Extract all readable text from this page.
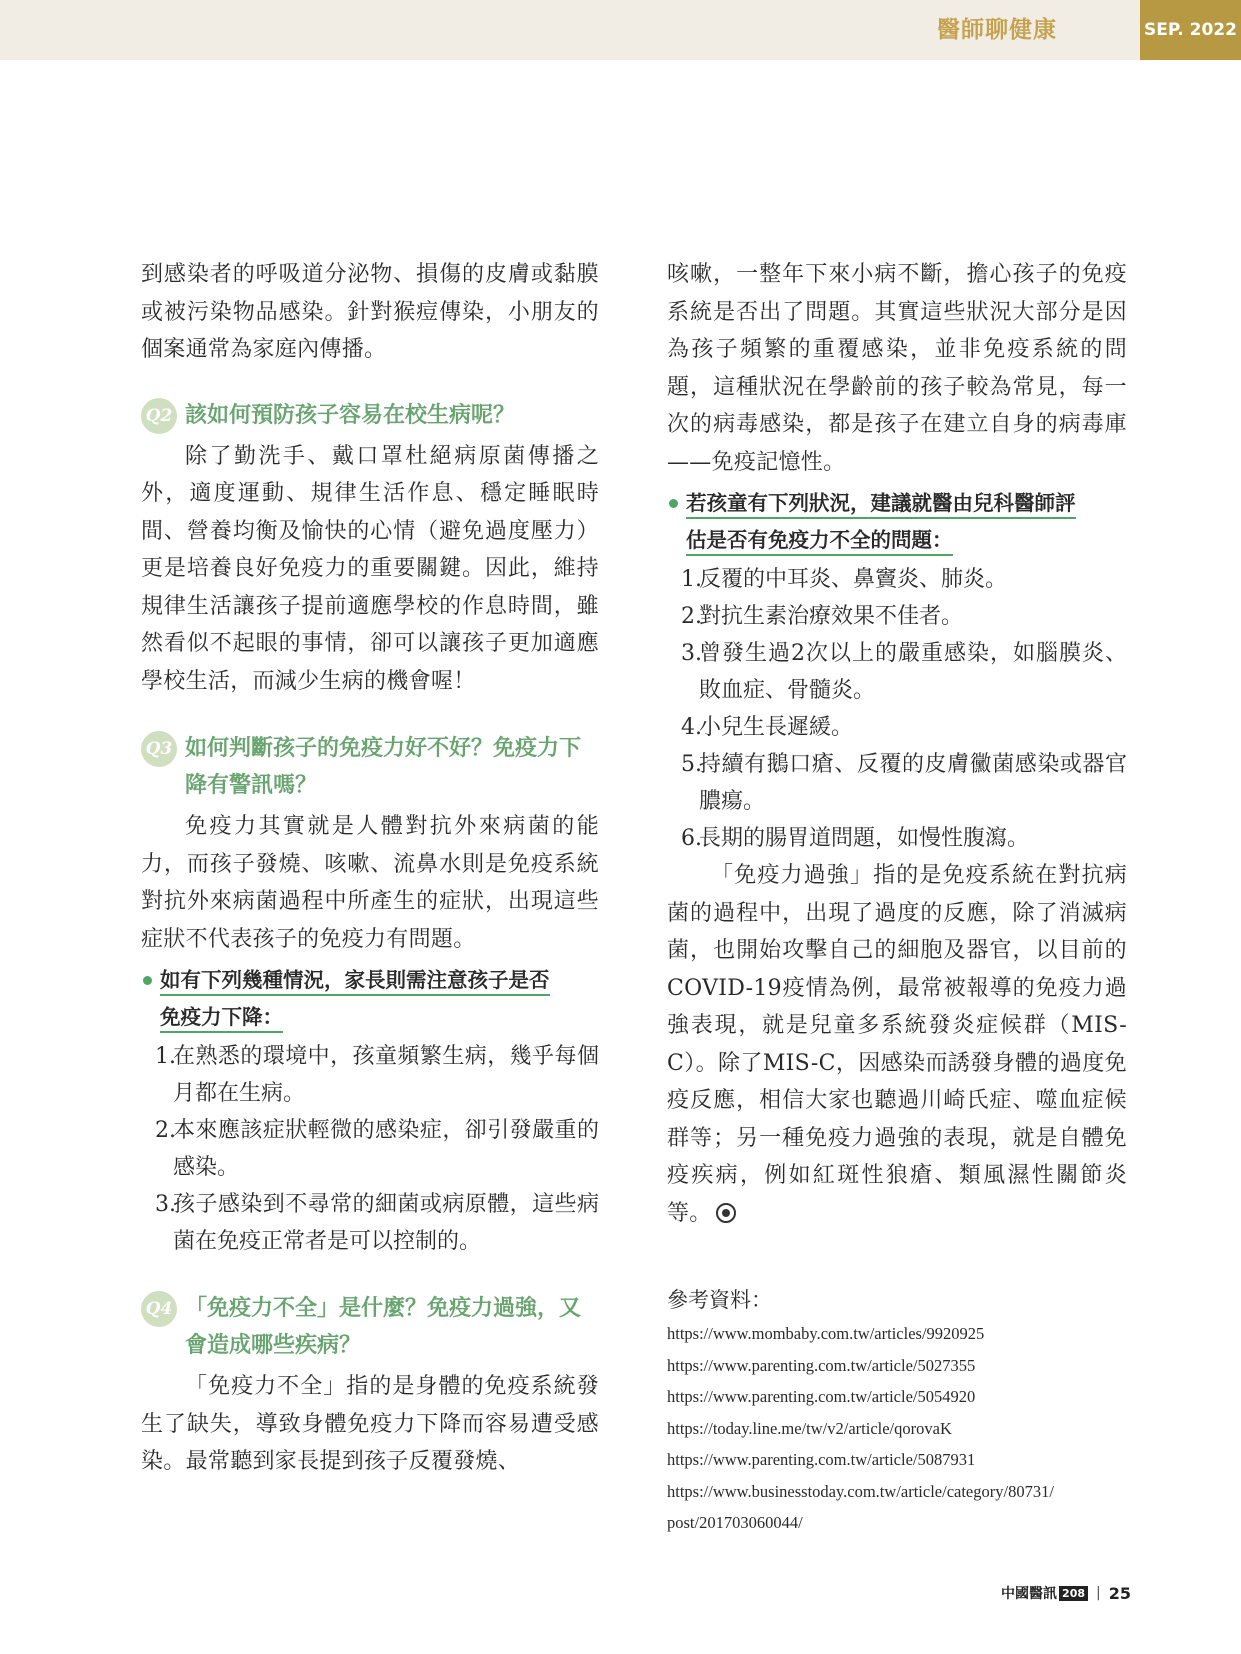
醫師聊健康	SEP. 2022

到感染者的呼吸道分泌物、損傷的皮膚或黏膜或被污染物品感染。針對猴痘傳染，小朋友的個案通常為家庭內傳播。

Q2 該如何預防孩子容易在校生病呢？

除了勤洗手、戴口罩杜絕病原菌傳播之外，適度運動、規律生活作息、穩定睡眠時間、營養均衡及愉快的心情（避免過度壓力）更是培養良好免疫力的重要關鍵。因此，維持規律生活讓孩子提前適應學校的作息時間，雖然看似不起眼的事情，卻可以讓孩子更加適應學校生活，而減少生病的機會喔！

Q3 如何判斷孩子的免疫力好不好？免疫力下降有警訊嗎？

免疫力其實就是人體對抗外來病菌的能力，而孩子發燒、咳嗽、流鼻水則是免疫系統對抗外來病菌過程中所產生的症狀，出現這些症狀不代表孩子的免疫力有問題。

如有下列幾種情況，家長則需注意孩子是否
免疫力下降：
1.
在熟悉的環境中，孩童頻繁生病，幾乎每個月都在生病。
2.
本來應該症狀輕微的感染症，卻引發嚴重的感染。
3.
孩子感染到不尋常的細菌或病原體，這些病菌在免疫正常者是可以控制的。
Q4 「免疫力不全」是什麼？免疫力過強，又會造成哪些疾病？

「免疫力不全」指的是身體的免疫系統發生了缺失，導致身體免疫力下降而容易遭受感染。最常聽到家長提到孩子反覆發燒、

咳嗽，一整年下來小病不斷，擔心孩子的免疫系統是否出了問題。其實這些狀況大部分是因為孩子頻繁的重覆感染，並非免疫系統的問題，這種狀況在學齡前的孩子較為常見，每一次的病毒感染，都是孩子在建立自身的病毒庫——免疫記憶性。

若孩童有下列狀況，建議就醫由兒科醫師評
估是否有免疫力不全的問題：
1.
反覆的中耳炎、鼻竇炎、肺炎。
2.
對抗生素治療效果不佳者。
3.
曾發生過2次以上的嚴重感染，如腦膜炎、敗血症、骨髓炎。
4.
小兒生長遲緩。
5.
持續有鵝口瘡、反覆的皮膚黴菌感染或器官膿瘍。
6.
長期的腸胃道問題，如慢性腹瀉。

「免疫力過強」指的是免疫系統在對抗病菌的過程中，出現了過度的反應，除了消滅病菌，也開始攻擊自己的細胞及器官，以目前的COVID-19疫情為例，最常被報導的免疫力過強表現，就是兒童多系統發炎症候群（MIS-C）。除了MIS-C，因感染而誘發身體的過度免疫反應，相信大家也聽過川崎氏症、噬血症候群等；另一種免疫力過強的表現，就是自體免疫疾病，例如紅斑性狼瘡、類風濕性關節炎等。

參考資料：
https://www.mombaby.com.tw/articles/9920925
https://www.parenting.com.tw/article/5027355
https://www.parenting.com.tw/article/5054920
https://today.line.me/tw/v2/article/qorovaK
https://www.parenting.com.tw/article/5087931
https://www.businesstoday.com.tw/article/category/80731/
post/201703060044/
中國醫訊 208 | 25
